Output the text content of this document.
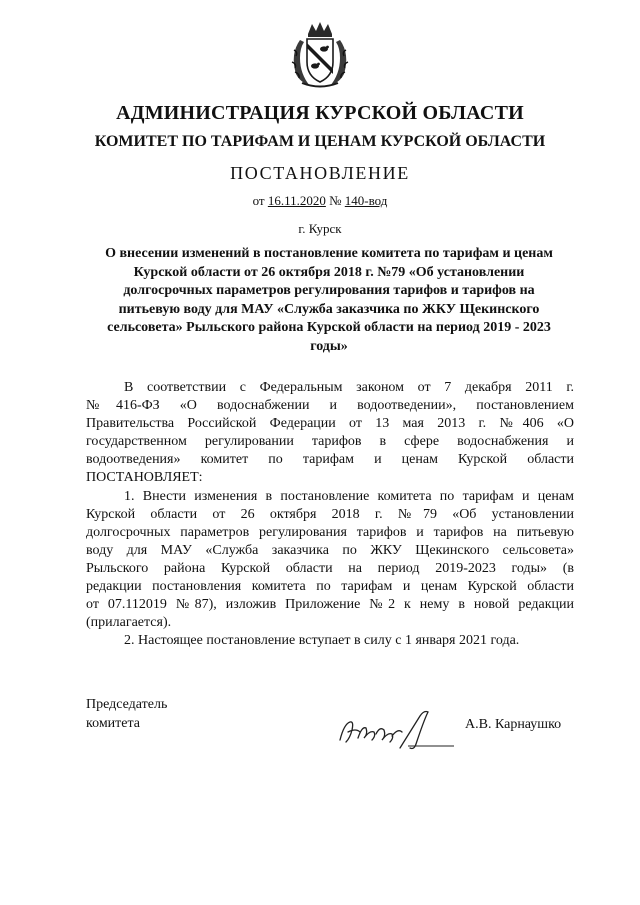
АДМИНИСТРАЦИЯ КУРСКОЙ ОБЛАСТИ
КОМИТЕТ ПО ТАРИФАМ И ЦЕНАМ КУРСКОЙ ОБЛАСТИ
ПОСТАНОВЛЕНИЕ
от 16.11.2020 № 140-вод
г. Курск
О внесении изменений в постановление комитета по тарифам и ценам
Курской области от 26 октября 2018 г. №79 «Об установлении
долгосрочных параметров регулирования тарифов и тарифов на
питьевую воду для МАУ «Служба заказчика по ЖКУ Щекинского
сельсовета» Рыльского района Курской области на период 2019 - 2023
годы»
В соответствии с Федеральным законом от 7 декабря 2011 г.
№416-ФЗ «О водоснабжении и водоотведении», постановлением
Правительства Российской Федерации от 13 мая 2013 г. №406 «О
государственном регулировании тарифов в сфере водоснабжения и
водоотведения» комитет по тарифам и ценам Курской области
ПОСТАНОВЛЯЕТ:
1. Внести изменения в постановление комитета по тарифам и ценам
Курской области от 26 октября 2018 г. №79 «Об установлении
долгосрочных параметров регулирования тарифов и тарифов на питьевую
воду для МАУ «Служба заказчика по ЖКУ Щекинского сельсовета»
Рыльского района Курской области на период 2019-2023 годы» (в
редакции постановления комитета по тарифам и ценам Курской области
от 07.112019 №87), изложив Приложение №2 к нему в новой редакции
(прилагается).
2. Настоящее постановление вступает в силу с 1 января 2021 года.
Председатель
комитета	А.В. Карнаушко
